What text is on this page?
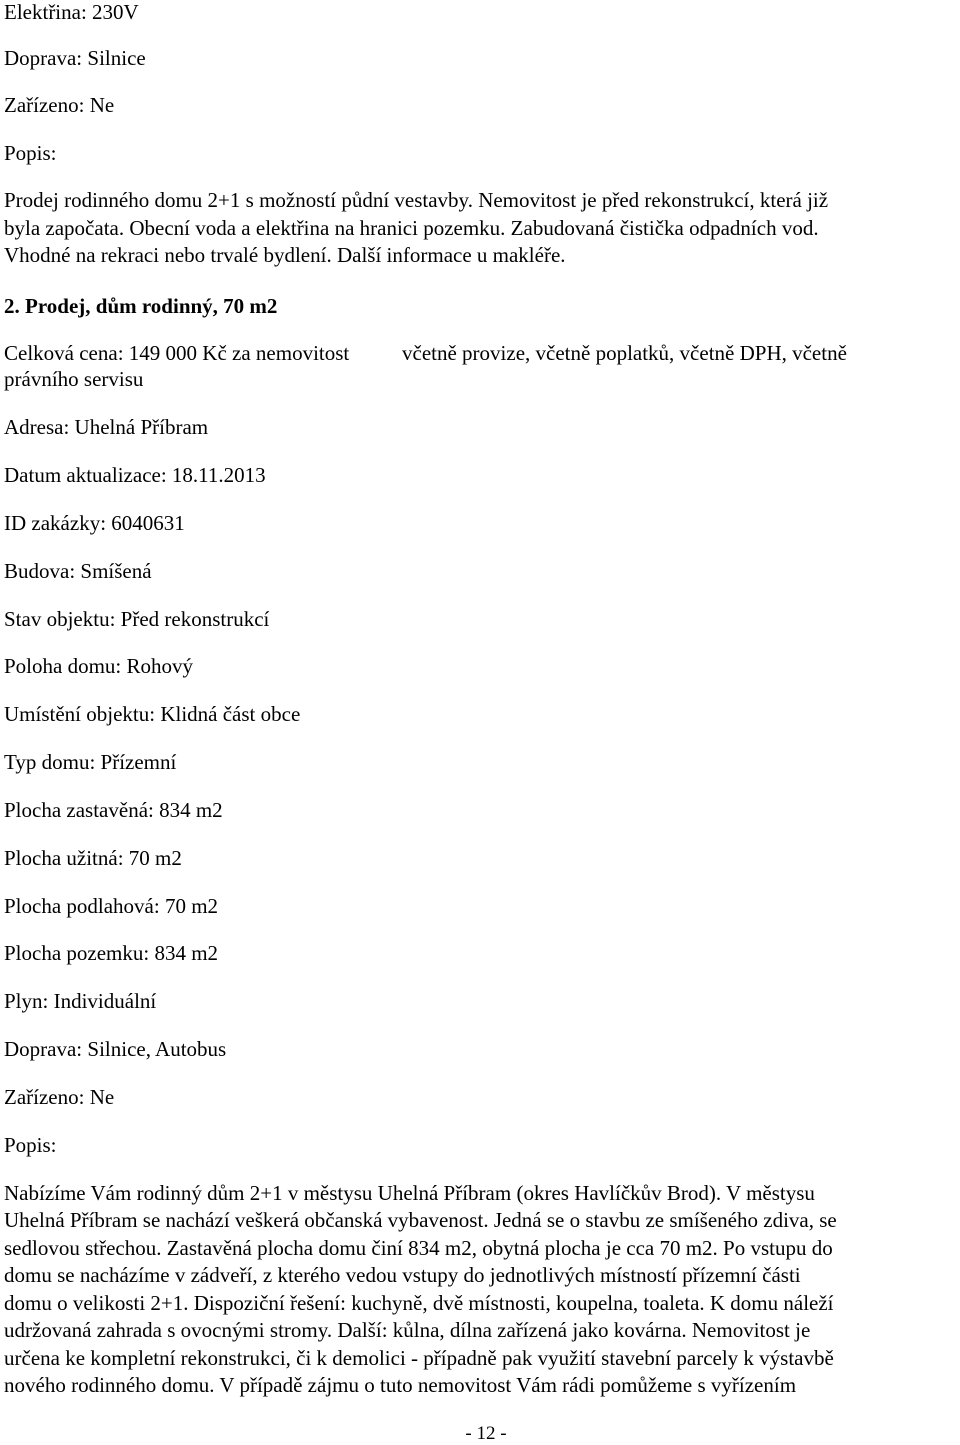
Elektřina: 230V
Doprava: Silnice
Zařízeno: Ne
Popis:
Prodej rodinného domu 2+1 s možností půdní vestavby. Nemovitost je před rekonstrukcí, která již
byla započata. Obecní voda a elektřina na hranici pozemku. Zabudovaná čistička odpadních vod.
Vhodné na rekraci nebo trvalé bydlení. Další informace u makléře.
2. Prodej, dům rodinný, 70 m2
Celková cena: 149 000 Kč za nemovitost	včetně provize, včetně poplatků, včetně DPH, včetně
právního servisu
Adresa: Uhelná Příbram
Datum aktualizace: 18.11.2013
ID zakázky: 6040631
Budova: Smíšená
Stav objektu: Před rekonstrukcí
Poloha domu: Rohový
Umístění objektu: Klidná část obce
Typ domu: Přízemní
Plocha zastavěná: 834 m2
Plocha užitná: 70 m2
Plocha podlahová: 70 m2
Plocha pozemku: 834 m2
Plyn: Individuální
Doprava: Silnice, Autobus
Zařízeno: Ne
Popis:
Nabízíme Vám rodinný dům 2+1 v městysu Uhelná Příbram (okres Havlíčkův Brod). V městysu
Uhelná Příbram se nachází veškerá občanská vybavenost. Jedná se o stavbu ze smíšeného zdiva, se
sedlovou střechou. Zastavěná plocha domu činí 834 m2, obytná plocha je cca 70 m2. Po vstupu do
domu se nacházíme v zádveří, z kterého vedou vstupy do jednotlivých místností přízemní části
domu o velikosti 2+1. Dispoziční řešení: kuchyně, dvě místnosti, koupelna, toaleta. K domu náleží
udržovaná zahrada s ovocnými stromy. Další: kůlna, dílna zařízená jako kovárna. Nemovitost je
určena ke kompletní rekonstrukci, či k demolici - případně pak využití stavební parcely k výstavbě
nového rodinného domu. V případě zájmu o tuto nemovitost Vám rádi pomůžeme s vyřízením
- 12 -
